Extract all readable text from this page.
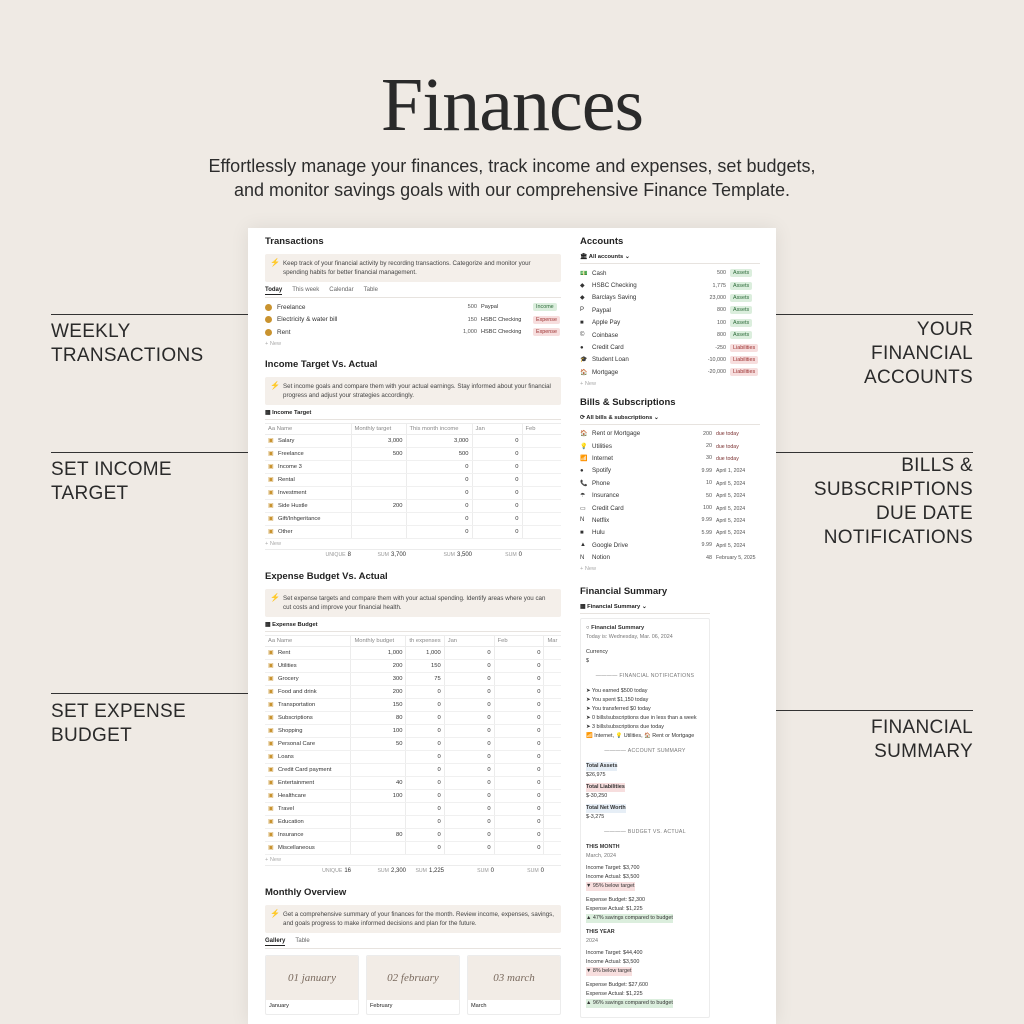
Finances
Effortlessly manage your finances, track income and expenses, set budgets,
and monitor savings goals with our comprehensive Finance Template.
WEEKLY
TRANSACTIONS
SET INCOME
TARGET
SET EXPENSE
BUDGET
YOUR
FINANCIAL
ACCOUNTS
BILLS &
SUBSCRIPTIONS
DUE DATE
NOTIFICATIONS
FINANCIAL
SUMMARY
Transactions
⚡ Keep track of your financial activity by recording transactions. Categorize and monitor your spending habits for better financial management.
Today This week Calendar Table
Freelance	500 Paypal	Income
Electricity & water bill	150 HSBC Checking	Expense
Rent	1,000 HSBC Checking	Expense
+ New
Income Target Vs. Actual
⚡ Set income goals and compare them with your actual earnings. Stay informed about your financial progress and adjust your strategies accordingly.
▦ Income Target
Aa Name	Monthly target	This month income	Jan	Feb
▣ Salary	3,000	3,000	0	
▣ Freelance	500	500	0	
▣ Income 3		0	0	
▣ Rental		0	0	
▣ Investment		0	0	
▣ Side Hustle	200	0	0	
▣ Gift/Inhgeritance		0	0	
▣ Other		0	0	
+ New
UNIQUE 8	SUM 3,700	SUM 3,500	SUM 0
Expense Budget Vs. Actual
⚡ Set expense targets and compare them with your actual spending. Identify areas where you can cut costs and improve your financial health.
▦ Expense Budget
Aa Name	Monthly budget	th expenses	Jan	Feb	Mar
▣ Rent	1,000	1,000	0	0	
▣ Utilities	200	150	0	0	
▣ Grocery	300	75	0	0	
▣ Food and drink	200	0	0	0	
▣ Transportation	150	0	0	0	
▣ Subscriptions	80	0	0	0	
▣ Shopping	100	0	0	0	
▣ Personal Care	50	0	0	0	
▣ Loans		0	0	0	
▣ Credit Card payment		0	0	0	
▣ Entertainment	40	0	0	0	
▣ Healthcare	100	0	0	0	
▣ Travel		0	0	0	
▣ Education		0	0	0	
▣ Insurance	80	0	0	0	
▣ Miscellaneous		0	0	0	
+ New
UNIQUE 16	SUM 2,300	SUM 1,225	SUM 0	SUM 0
Monthly Overview
⚡ Get a comprehensive summary of your finances for the month. Review income, expenses, savings, and goals progress to make informed decisions and plan for the future.
Gallery Table
01 january
January
02 february
February
03 march
March
Accounts
🏛 All accounts ⌄
💵 Cash	500	Assets
◆	HSBC Checking	1,775	Assets
◆	Barclays Saving	23,000	Assets
P	Paypal	800	Assets
■	Apple Pay	100	Assets
©	Coinbase	800	Assets
●	Credit Card	-250	Liabilities
🎓 Student Loan	-10,000	Liabilities
🏠 Mortgage	-20,000	Liabilities
+ New
Bills & Subscriptions
⟳ All bills & subscriptions ⌄
🏠 Rent or Mortgage	200 due today
💡 Utilities	20 due today
📶 Internet	30 due today
●	Spotify	9.99 April 1, 2024
📞 Phone	10 April 5, 2024
☂	Insurance	50 April 5, 2024
▭	Credit Card	100 April 5, 2024
N	Netflix	9.99 April 5, 2024
■	Hulu	5.99 April 5, 2024
▲ Google Drive	9.99 April 5, 2024
N	Notion	48 February 5, 2025
+ New
Financial Summary
▦ Financial Summary ⌄
○ Financial Summary
Today is: Wednesday, Mar. 06, 2024
Currency
$
———— FINANCIAL NOTIFICATIONS
➤ You earned $500 today
➤ You spent $1,150 today
➤ You transferred $0 today
➤ 0 bills/subscriptions due in less than a week
➤ 3 bills/subscriptions due today
📶 Internet, 💡 Utilities, 🏠 Rent or Mortgage
———— ACCOUNT SUMMARY
Total Assets
$26,975
Total Liabilities
$-30,250
Total Net Worth
$-3,275
———— BUDGET VS. ACTUAL
THIS MONTH
March, 2024
Income Target: $3,700
Income Actual: $3,500
▼ 95% below target
Expense Budget: $2,300
Expense Actual: $1,225
▲ 47% savings compared to budget
THIS YEAR
2024
Income Target: $44,400
Income Actual: $3,500
▼ 8% below target
Expense Budget: $27,600
Expense Actual: $1,225
▲ 96% savings compared to budget
